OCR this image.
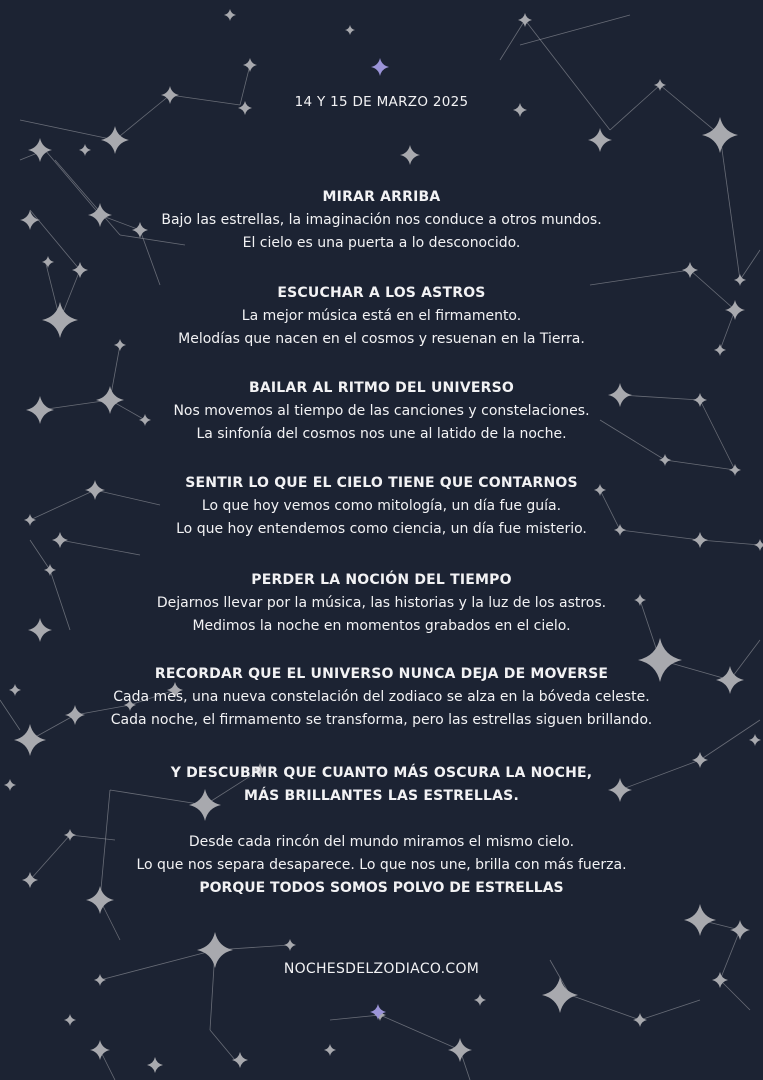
14 Y 15 DE MARZO 2025
MIRAR ARRIBA
Bajo las estrellas, la imaginación nos conduce a otros mundos.
El cielo es una puerta a lo desconocido.
ESCUCHAR A LOS ASTROS
La mejor música está en el firmamento.
Melodías que nacen en el cosmos y resuenan en la Tierra.
BAILAR AL RITMO DEL UNIVERSO
Nos movemos al tiempo de las canciones y constelaciones.
La sinfonía del cosmos nos une al latido de la noche.
SENTIR LO QUE EL CIELO TIENE QUE CONTARNOS
Lo que hoy vemos como mitología, un día fue guía.
Lo que hoy entendemos como ciencia, un día fue misterio.
PERDER LA NOCIÓN DEL TIEMPO
Dejarnos llevar por la música, las historias y la luz de los astros.
Medimos la noche en momentos grabados en el cielo.
RECORDAR QUE EL UNIVERSO NUNCA DEJA DE MOVERSE
Cada mes, una nueva constelación del zodiaco se alza en la bóveda celeste.
Cada noche, el firmamento se transforma, pero las estrellas siguen brillando.
Y DESCUBRIR QUE CUANTO MÁS OSCURA LA NOCHE,
MÁS BRILLANTES LAS ESTRELLAS.
Desde cada rincón del mundo miramos el mismo cielo.
Lo que nos separa desaparece. Lo que nos une, brilla con más fuerza.
PORQUE TODOS SOMOS POLVO DE ESTRELLAS
NOCHESDELZODIACO.COM
